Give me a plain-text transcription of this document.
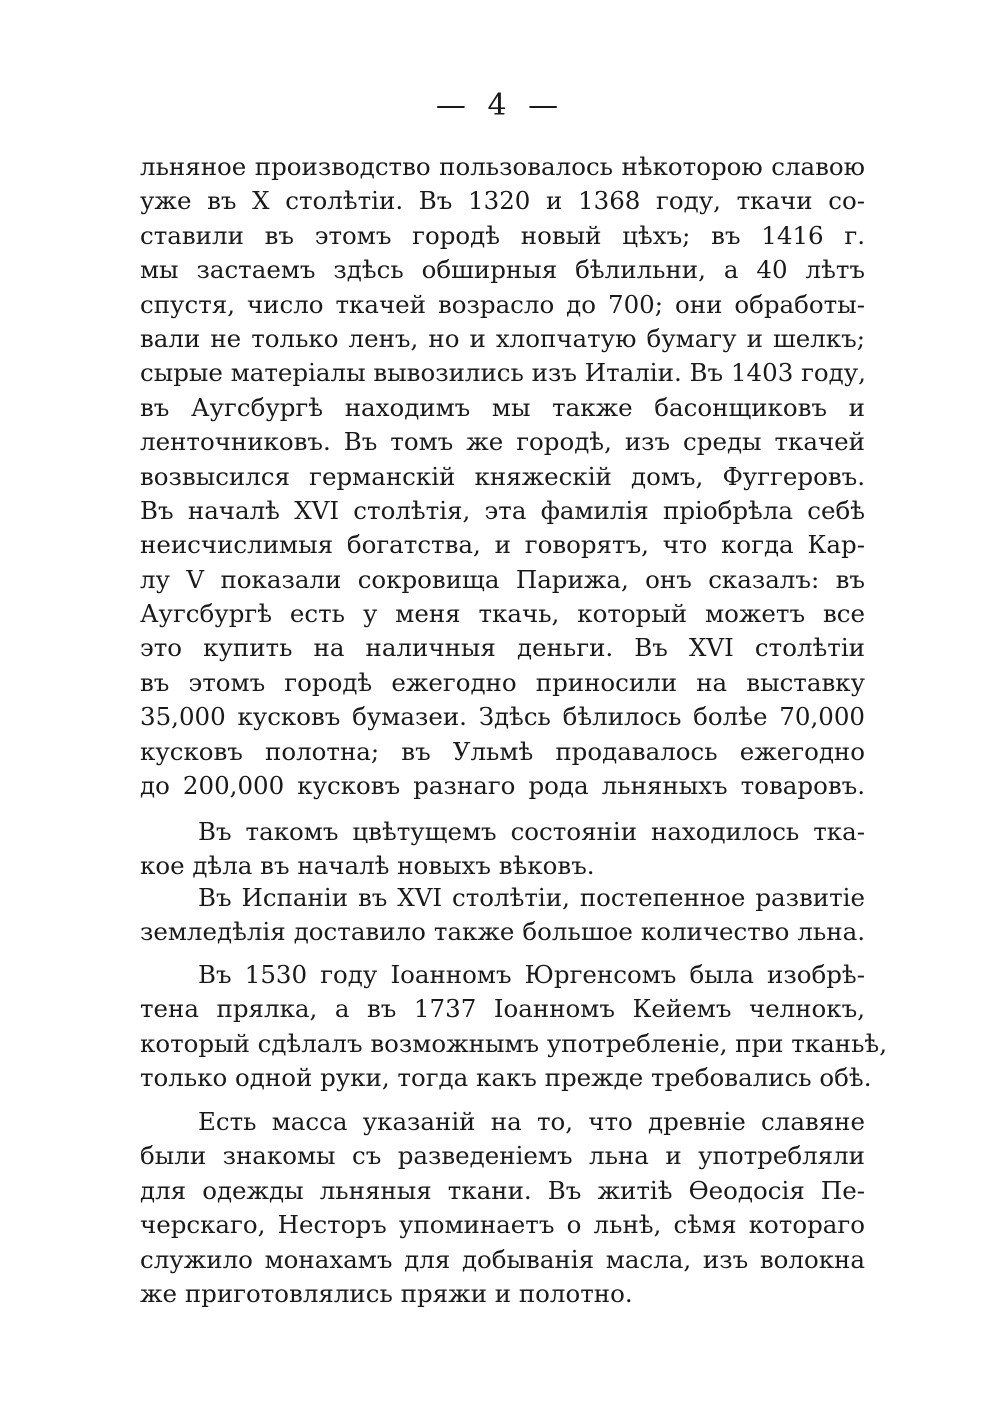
— 4 —
льняное производство пользовалось нѣкоторою славою
уже въ X столѣтіи. Въ 1320 и 1368 году, ткачи со-
ставили въ этомъ городѣ новый цѣхъ; въ 1416 г.
мы застаемъ здѣсь обширныя бѣлильни, а 40 лѣтъ
спустя, число ткачей возрасло до 700; они обработы-
вали не только ленъ, но и хлопчатую бумагу и шелкъ;
сырые матеріалы вывозились изъ Италіи. Въ 1403 году,
въ Аугсбургѣ находимъ мы также басонщиковъ и
ленточниковъ. Въ томъ же городѣ, изъ среды ткачей
возвысился германскій княжескій домъ, Фуггеровъ.
Въ началѣ XVI столѣтія, эта фамилія пріобрѣла себѣ
неисчислимыя богатства, и говорятъ, что когда Кар-
лу V показали сокровища Парижа, онъ сказалъ: въ
Аугсбургѣ есть у меня ткачь, который можетъ все
это купить на наличныя деньги. Въ XVI столѣтіи
въ этомъ городѣ ежегодно приносили на выставку
35,000 кусковъ бумазеи. Здѣсь бѣлилось болѣе 70,000
кусковъ полотна; въ Ульмѣ продавалось ежегодно
до 200,000 кусковъ разнаго рода льняныхъ товаровъ.
Въ такомъ цвѣтущемъ состояніи находилось тка-
кое дѣла въ началѣ новыхъ вѣковъ.
Въ Испаніи въ XVI столѣтіи, постепенное развитіе
земледѣлія доставило также большое количество льна.
Въ 1530 году Іоанномъ Юргенсомъ была изобрѣ-
тена прялка, а въ 1737 Іоанномъ Кейемъ челнокъ,
который сдѣлалъ возможнымъ употребленіе, при тканьѣ,
только одной руки, тогда какъ прежде требовались обѣ.
Есть масса указаній на то, что древніе славяне
были знакомы съ разведеніемъ льна и употребляли
для одежды льняныя ткани. Въ житіѣ Ѳеодосія Пе-
черскаго, Несторъ упоминаетъ о льнѣ, сѣмя котораго
служило монахамъ для добыванія масла, изъ волокна
же приготовлялись пряжи и полотно.
